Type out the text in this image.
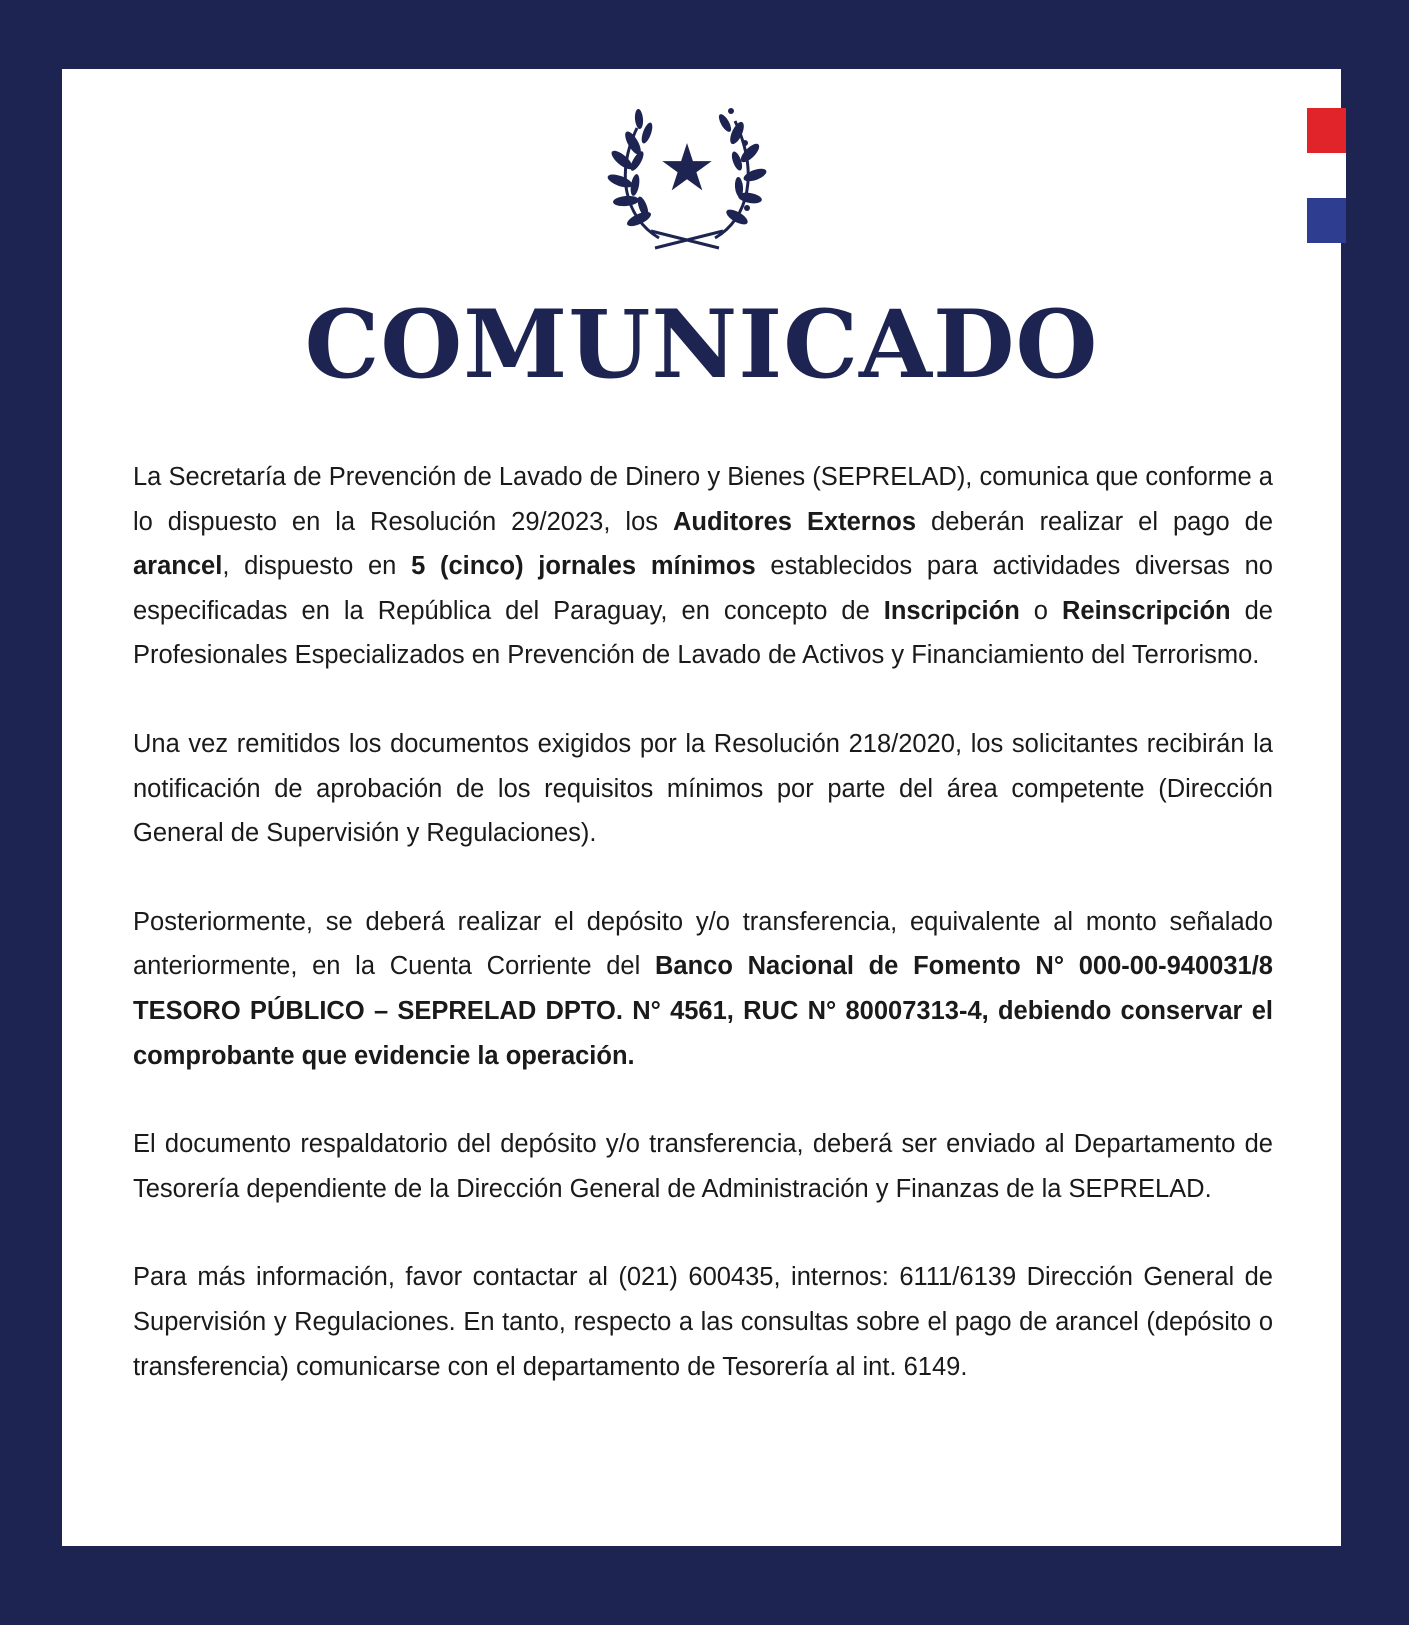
COMUNICADO

La Secretaría de Prevención de Lavado de Dinero y Bienes (SEPRELAD), comunica que conforme a lo dispuesto en la Resolución 29/2023, los Auditores Externos deberán realizar el pago de arancel, dispuesto en 5 (cinco) jornales mínimos establecidos para actividades diversas no especificadas en la República del Paraguay, en concepto de Inscripción o Reinscripción de Profesionales Especializados en Prevención de Lavado de Activos y Financiamiento del Terrorismo.

Una vez remitidos los documentos exigidos por la Resolución 218/2020, los solicitantes recibirán la notificación de aprobación de los requisitos mínimos por parte del área competente (Dirección General de Supervisión y Regulaciones).

Posteriormente, se deberá realizar el depósito y/o transferencia, equivalente al monto señalado anteriormente, en la Cuenta Corriente del Banco Nacional de Fomento N° 000-00-940031/8 TESORO PÚBLICO – SEPRELAD DPTO. N° 4561, RUC N° 80007313-4, debiendo conservar el comprobante que evidencie la operación.

El documento respaldatorio del depósito y/o transferencia, deberá ser enviado al Departamento de Tesorería dependiente de la Dirección General de Administración y Finanzas de la SEPRELAD.

Para más información, favor contactar al (021) 600435, internos: 6111/6139 Dirección General de Supervisión y Regulaciones. En tanto, respecto a las consultas sobre el pago de arancel (depósito o transferencia) comunicarse con el departamento de Tesorería al int. 6149.
